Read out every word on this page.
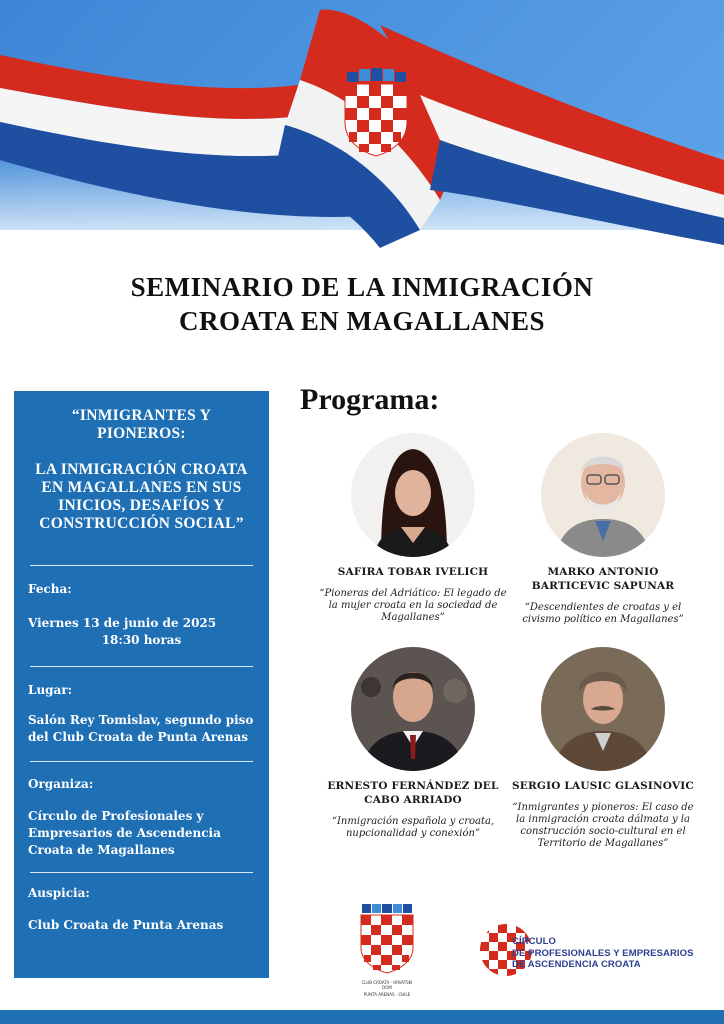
SEMINARIO DE LA INMIGRACIÓN
CROATA EN MAGALLANES
“INMIGRANTES Y PIONEROS:
LA INMIGRACIÓN CROATA EN MAGALLANES EN SUS INICIOS, DESAFÍOS Y CONSTRUCCIÓN SOCIAL”
Fecha:
Viernes 13 de junio de 2025
18:30 horas
Lugar:
Salón Rey Tomislav, segundo piso del Club Croata de Punta Arenas
Organiza:
Círculo de Profesionales y Empresarios de Ascendencia Croata de Magallanes
Auspicia:
Club Croata de Punta Arenas
Programa:
SAFIRA TOBAR IVELICH
“Pioneras del Adriático: El legado de la mujer croata en la sociedad de Magallanes”
MARKO ANTONIO BARTICEVIC SAPUNAR
“Descendientes de croatas y el civismo político en Magallanes”
ERNESTO FERNÁNDEZ DEL CABO ARRIADO
“Inmigración española y croata, nupcionalidad y conexión”
SERGIO LAUSIC GLASINOVIC
“Inmigrantes y pioneros: El caso de la inmigración croata dálmata y la construcción socio-cultural en el Territorio de Magallanes”
CLUB CROATA - HRVATSKI DOM
PUNTA ARENAS - CHILE
CÍRCULO
DE PROFESIONALES Y EMPRESARIOS
DE ASCENDENCIA CROATA
